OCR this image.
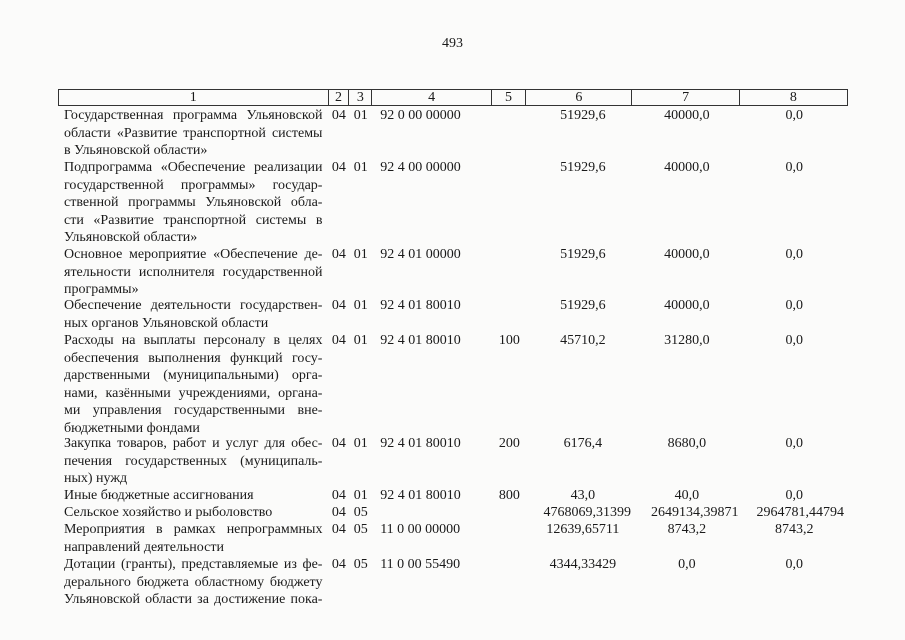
493
1	2	3	4	5	6	7	8
Государственная программа Ульяновской
области «Развитие транспортной системы
в Ульяновской области»
04 01 92 0 00 00000	51929,6	40000,0	0,0
Подпрограмма «Обеспечение реализации
государственной программы» государ-
ственной программы Ульяновской обла-
сти «Развитие транспортной системы в
Ульяновской области»
04 01 92 4 00 00000	51929,6	40000,0	0,0
Основное мероприятие «Обеспечение де-
ятельности исполнителя государственной
программы»
04 01 92 4 01 00000	51929,6	40000,0	0,0
Обеспечение деятельности государствен-
ных органов Ульяновской области
04 01 92 4 01 80010	51929,6	40000,0	0,0
Расходы на выплаты персоналу в целях
обеспечения выполнения функций госу-
дарственными (муниципальными) орга-
нами, казёнными учреждениями, органа-
ми управления государственными вне-
бюджетными фондами
04 01 92 4 01 80010	100	45710,2	31280,0	0,0
Закупка товаров, работ и услуг для обес-
печения государственных (муниципаль-
ных) нужд
04 01 92 4 01 80010	200	6176,4	8680,0	0,0
Иные бюджетные ассигнования	04 01 92 4 01 80010	800	43,0	40,0	0,0
Сельское хозяйство и рыболовство	04 05	4768069,31399	2649134,39871	2964781,44794
Мероприятия в рамках непрограммных
направлений деятельности
04 05 11 0 00 00000	12639,65711	8743,2	8743,2
Дотации (гранты), представляемые из фе-
дерального бюджета областному бюджету
Ульяновской области за достижение пока-
04 05 11 0 00 55490	4344,33429	0,0	0,0
